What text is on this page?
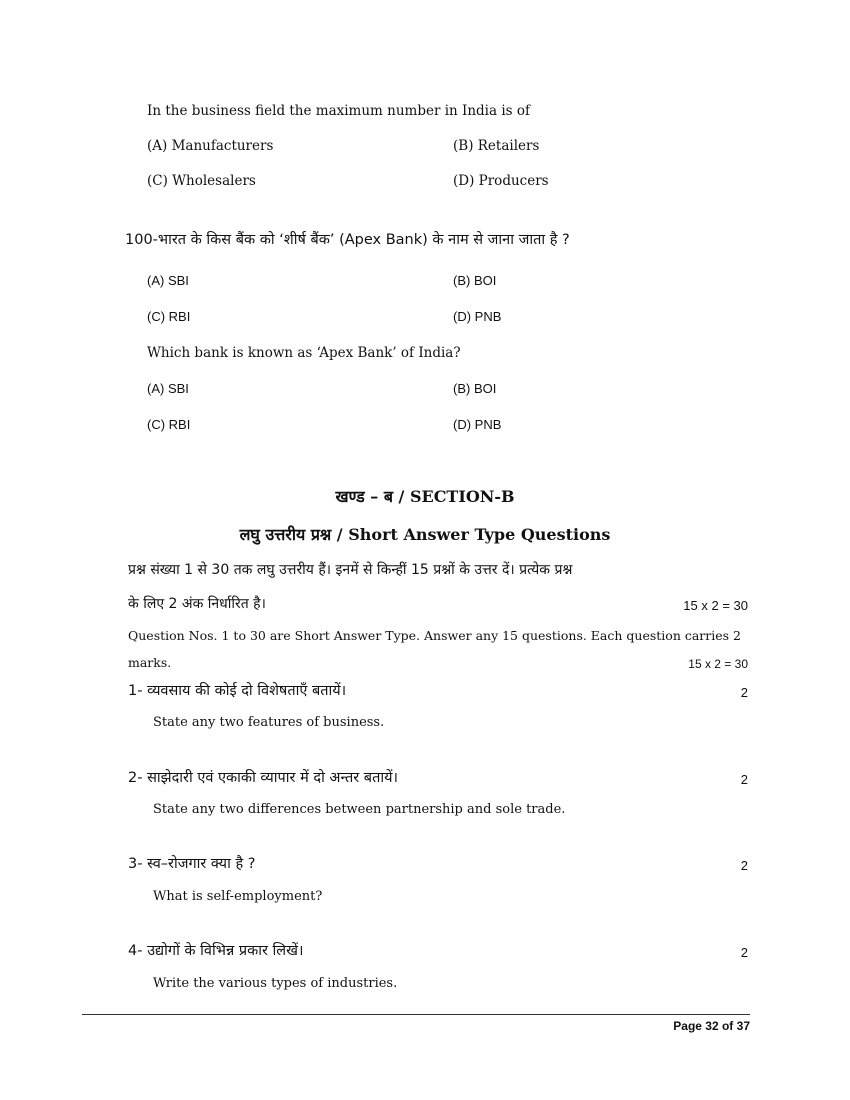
In the business field the maximum number in India is of
(A) Manufacturers	(B) Retailers
(C) Wholesalers	(D) Producers
100-भारत के किस बैंक को ‘शीर्ष बैंक’ (Apex Bank) के नाम से जाना जाता है ?
(A) SBI	(B) BOI
(C) RBI	(D) PNB
Which bank is known as ‘Apex Bank’ of India?
(A) SBI	(B) BOI
(C) RBI	(D) PNB
खण्ड – ब / SECTION-B
लघु उत्तरीय प्रश्न / Short Answer Type Questions
प्रश्न संख्या 1 से 30 तक लघु उत्तरीय हैं। इनमें से किन्हीं 15 प्रश्नों के उत्तर दें। प्रत्येक प्रश्न
के लिए 2 अंक निर्धारित है।	15 x 2 = 30
Question Nos. 1 to 30 are Short Answer Type. Answer any 15 questions. Each question carries 2
marks.	15 x 2 = 30
1- व्यवसाय की कोई दो विशेषताएँ बतायें।	2
State any two features of business.
2- साझेदारी एवं एकाकी व्यापार में दो अन्तर बतायें।	2
State any two differences between partnership and sole trade.
3- स्व–रोजगार क्या है ?	2
What is self-employment?
4- उद्योगों के विभिन्न प्रकार लिखें।	2
Write the various types of industries.
Page 32 of 37
